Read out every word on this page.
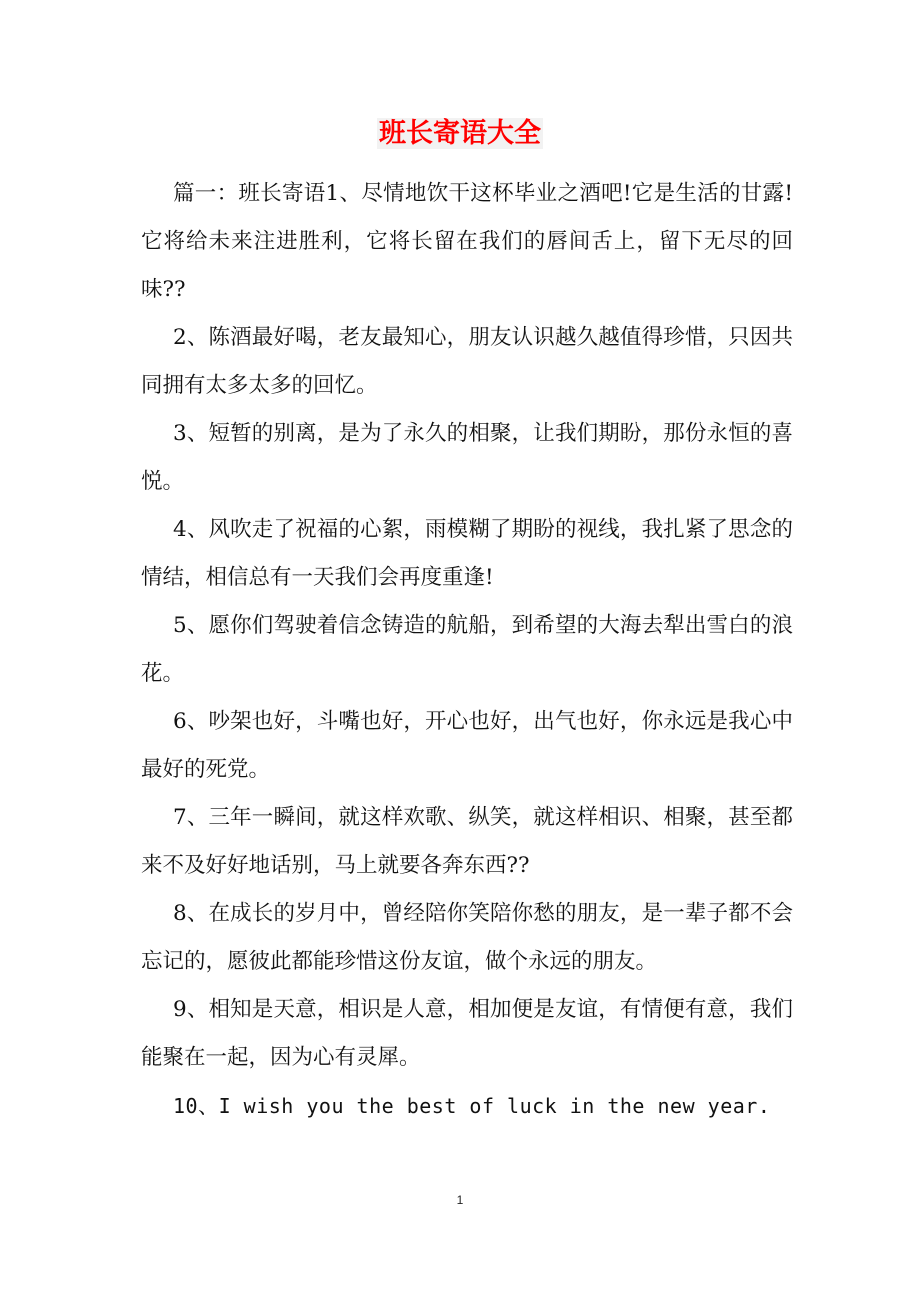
班长寄语大全

篇一：班长寄语1、尽情地饮干这杯毕业之酒吧!它是生活的甘露!它将给未来注进胜利，它将长留在我们的唇间舌上，留下无尽的回味??

2、陈酒最好喝，老友最知心，朋友认识越久越值得珍惜，只因共同拥有太多太多的回忆。

3、短暂的别离，是为了永久的相聚，让我们期盼，那份永恒的喜悦。

4、风吹走了祝福的心絮，雨模糊了期盼的视线，我扎紧了思念的情结，相信总有一天我们会再度重逢!

5、愿你们驾驶着信念铸造的航船，到希望的大海去犁出雪白的浪花。

6、吵架也好，斗嘴也好，开心也好，出气也好，你永远是我心中最好的死党。

7、三年一瞬间，就这样欢歌、纵笑，就这样相识、相聚，甚至都来不及好好地话别，马上就要各奔东西??

8、在成长的岁月中，曾经陪你笑陪你愁的朋友，是一辈子都不会忘记的，愿彼此都能珍惜这份友谊，做个永远的朋友。

9、相知是天意，相识是人意，相加便是友谊，有情便有意，我们能聚在一起，因为心有灵犀。

10、I wish you the best of luck in the new year.

1
